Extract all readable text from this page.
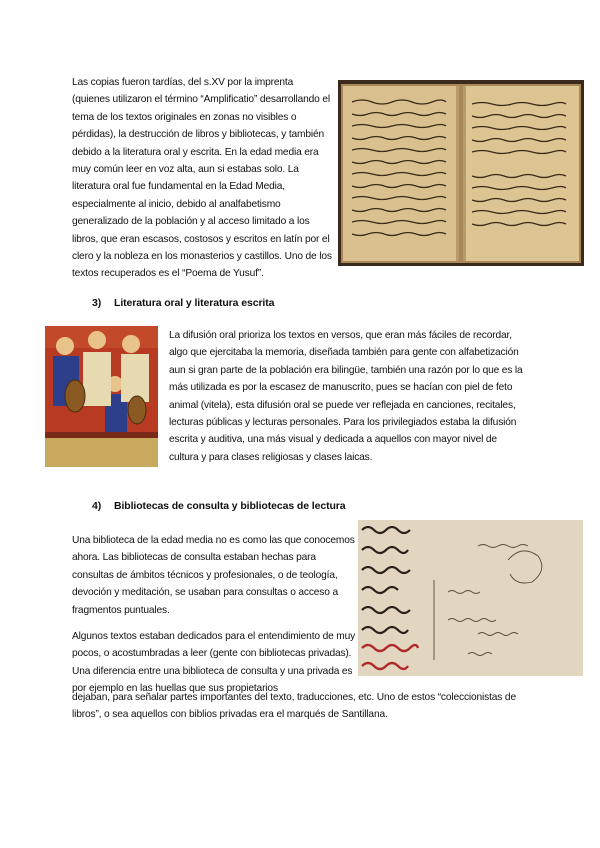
Las copias fueron tardías, del s.XV por la imprenta (quienes utilizaron el término “Amplificatio” desarrollando el tema de los textos originales en zonas no visibles o pérdidas), la destrucción de libros y bibliotecas, y también debido a la literatura oral y escrita. En la edad media era muy común leer en voz alta, aun si estabas solo. La literatura oral fue fundamental en la Edad Media, especialmente al inicio, debido al analfabetismo generalizado de la población y al acceso limitado a los libros, que eran escasos, costosos y escritos en latín por el clero y la nobleza en los monasterios y castillos. Uno de los textos recuperados es el “Poema de Yusuf”.
3) Literatura oral y literatura escrita
La difusión oral prioriza los textos en versos, que eran más fáciles de recordar, algo que ejercitaba la memoria, diseñada también para gente con alfabetización aun si gran parte de la población era bilingüe, también una razón por lo que es la más utilizada es por la escasez de manuscrito, pues se hacían con piel de feto animal (vitela), esta difusión oral se puede ver reflejada en canciones, recitales, lecturas públicas y lecturas personales. Para los privilegiados estaba la difusión escrita y auditiva, una más visual y dedicada a aquellos con mayor nivel de cultura y para clases religiosas y clases laicas.
4) Bibliotecas de consulta y bibliotecas de lectura
Una biblioteca de la edad media no es como las que conocemos ahora. Las bibliotecas de consulta estaban hechas para consultas de ámbitos técnicos y profesionales, o de teología, devoción y meditación, se usaban para consultas o acceso a fragmentos puntuales.
Algunos textos estaban dedicados para el entendimiento de muy pocos, o acostumbradas a leer (gente con bibliotecas privadas). Una diferencia entre una biblioteca de consulta y una privada es por ejemplo en las huellas que sus propietarios
dejaban, para señalar partes importantes del texto, traducciones, etc. Uno de estos “coleccionistas de libros”, o sea aquellos con biblios privadas era el marqués de Santillana.
